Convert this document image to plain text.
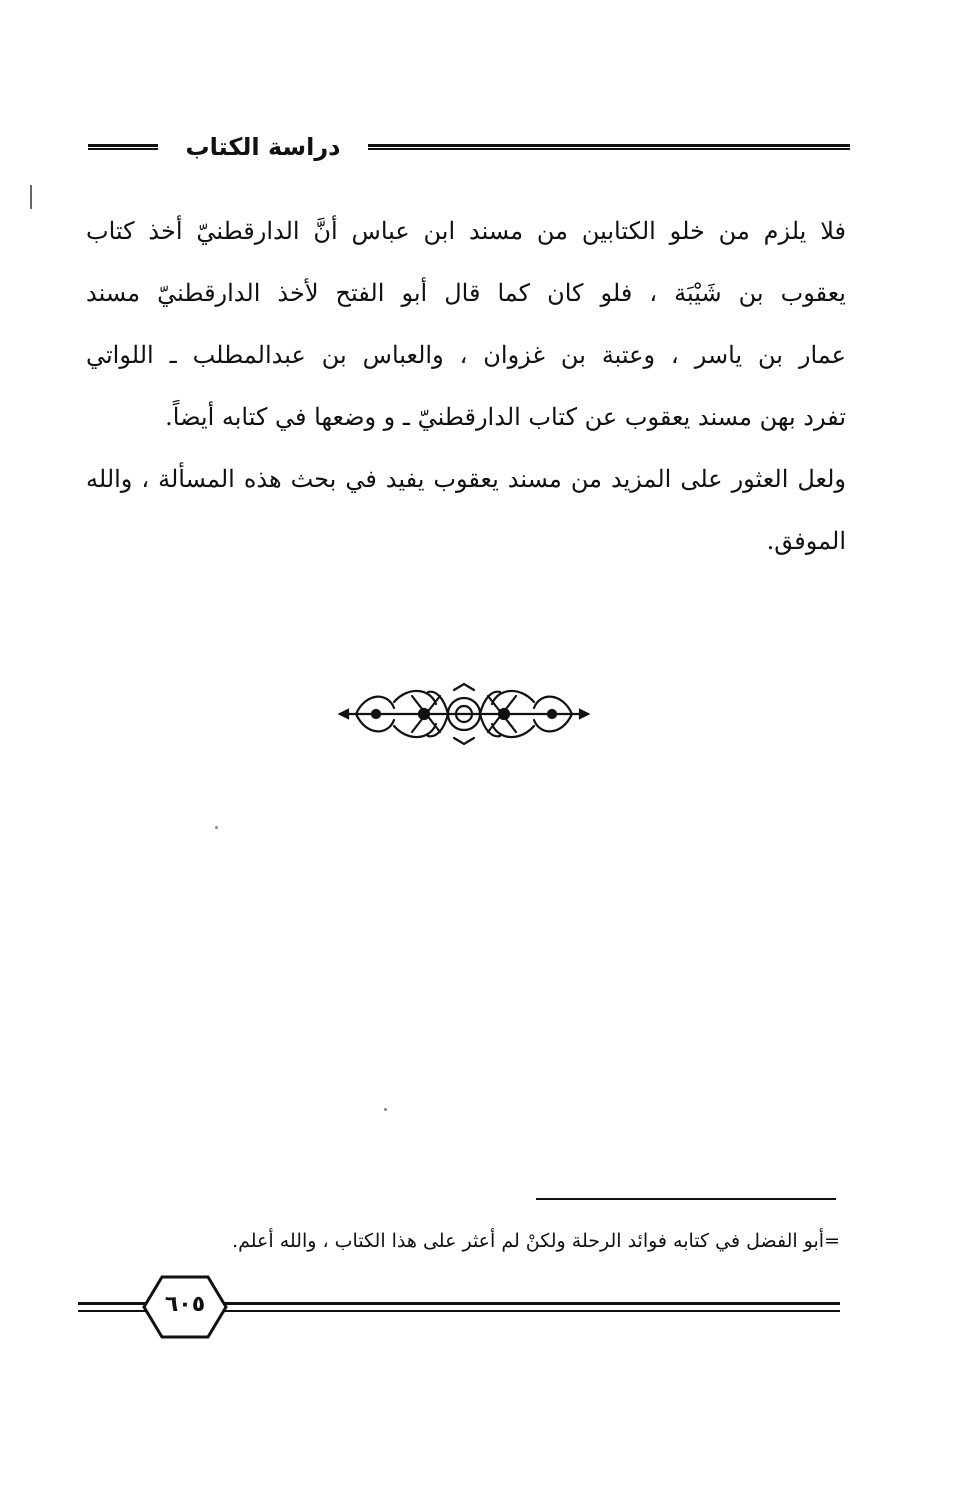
دراسة الكتاب
فلا يلزم من خلو الكتابين من مسند ابن عباس أنَّ الدارقطنيّ أخذ كتاب
يعقوب بن شَيْبَة ، فلو كان كما قال أبو الفتح لأخذ الدارقطنيّ مسند
عمار بن ياسر ، وعتبة بن غزوان ، والعباس بن عبدالمطلب ـ اللواتي
تفرد بهن مسند يعقوب عن كتاب الدارقطنيّ ـ و وضعها في كتابه أيضاً.
ولعل العثور على المزيد من مسند يعقوب يفيد في بحث هذه المسألة ، والله
الموفق.
=أبو الفضل في كتابه فوائد الرحلة ولكنْ لم أعثر على هذا الكتاب ، والله أعلم.
٦٠٥
